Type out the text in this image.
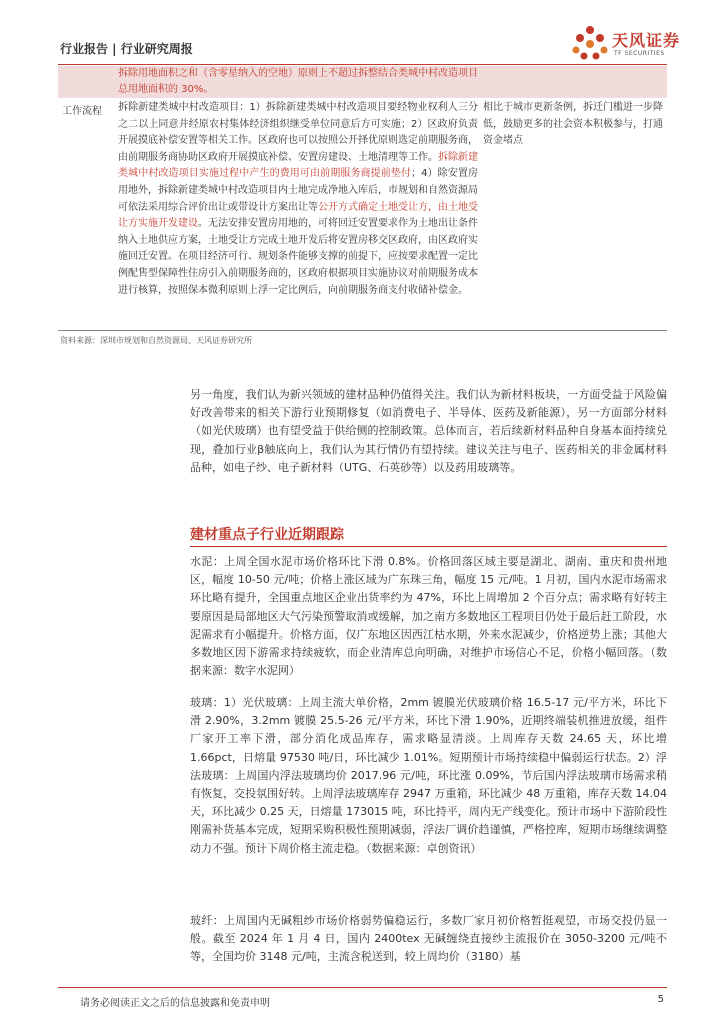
行业报告 | 行业研究周报	天风证券
TF SECURITIES
拆除用地面积之和（含零星纳入的空地）原则上不超过拆整结合类城中村改造项目总用地面积的 30%。
工作流程 拆除新建类城中村改造项目：1）拆除新建类城中村改造项目要经物业权利人三分之二以上同意并经原农村集体经济组织继受单位同意后方可实施；2）区政府负责开展摸底补偿安置等相关工作。区政府也可以按照公开择优原则选定前期服务商，由前期服务商协助区政府开展摸底补偿、安置房建设、土地清理等工作。拆除新建类城中村改造项目实施过程中产生的费用可由前期服务商提前垫付；4）除安置房用地外，拆除新建类城中村改造项目内土地完成净地入库后，市规划和自然资源局可依法采用综合评价出让或带设计方案出让等公开方式确定土地受让方，由土地受让方实施开发建设。无法安排安置房用地的，可将回迁安置要求作为土地出让条件纳入土地供应方案，土地受让方完成土地开发后将安置房移交区政府，由区政府实施回迁安置。在项目经济可行、规划条件能够支撑的前提下，应按要求配置一定比例配售型保障性住房引入前期服务商的，区政府根据项目实施协议对前期服务成本进行核算，按照保本微利原则上浮一定比例后，向前期服务商支付收储补偿金。
相比于城市更新条例，拆迁门槛进一步降低，鼓励更多的社会资本积极参与，打通资金堵点
资料来源：深圳市规划和自然资源局、天风证券研究所
另一角度，我们认为新兴领域的建材品种仍值得关注。我们认为新材料板块，一方面受益于风险偏好改善带来的相关下游行业预期修复（如消费电子、半导体、医药及新能源），另一方面部分材料（如光伏玻璃）也有望受益于供给侧的控制政策。总体而言，若后续新材料品种自身基本面持续兑现，叠加行业β触底向上，我们认为其行情仍有望持续。建议关注与电子、医药相关的非金属材料品种，如电子纱、电子新材料（UTG、石英砂等）以及药用玻璃等。
建材重点子行业近期跟踪
水泥：上周全国水泥市场价格环比下滑 0.8%。价格回落区域主要是湖北、湖南、重庆和贵州地区，幅度 10-50 元/吨；价格上涨区域为广东珠三角，幅度 15 元/吨。1 月初，国内水泥市场需求环比略有提升，全国重点地区企业出货率约为 47%，环比上周增加 2 个百分点；需求略有好转主要原因是局部地区大气污染预警取消或缓解，加之南方多数地区工程项目仍处于最后赶工阶段，水泥需求有小幅提升。价格方面，仅广东地区因西江枯水期，外来水泥减少，价格逆势上涨；其他大多数地区因下游需求持续疲软，而企业清库总向明确，对维护市场信心不足，价格小幅回落。（数据来源：数字水泥网）
玻璃：1）光伏玻璃：上周主流大单价格，2mm 镀膜光伏玻璃价格 16.5-17 元/平方米，环比下滑 2.90%，3.2mm 镀膜 25.5-26 元/平方米，环比下滑 1.90%，近期终端装机推进放缓，组件厂家开工率下滑，部分消化成品库存，需求略显清淡。上周库存天数 24.65 天，环比增 1.66pct，日熔量 97530 吨/日，环比减少 1.01%。短期预计市场持续稳中偏弱运行状态。2）浮法玻璃：上周国内浮法玻璃均价 2017.96 元/吨，环比涨 0.09%，节后国内浮法玻璃市场需求稍有恢复，交投氛围好转。上周浮法玻璃库存 2947 万重箱，环比减少 48 万重箱，库存天数 14.04 天，环比减少 0.25 天，日熔量 173015 吨，环比持平，周内无产线变化。预计市场中下游阶段性刚需补货基本完成，短期采购积极性预期减弱，浮法厂调价趋谨慎，严格控库，短期市场继续调整动力不强。预计下周价格主流走稳。（数据来源：卓创资讯）
玻纤：上周国内无碱粗纱市场价格弱势偏稳运行，多数厂家月初价格暂挺观望，市场交投仍显一般。截至 2024 年 1 月 4 日，国内 2400tex 无碱缠绕直接纱主流报价在 3050-3200 元/吨不等，全国均价 3148 元/吨，主流含税送到，较上周均价（3180）基
请务必阅读正文之后的信息披露和免责申明	5
